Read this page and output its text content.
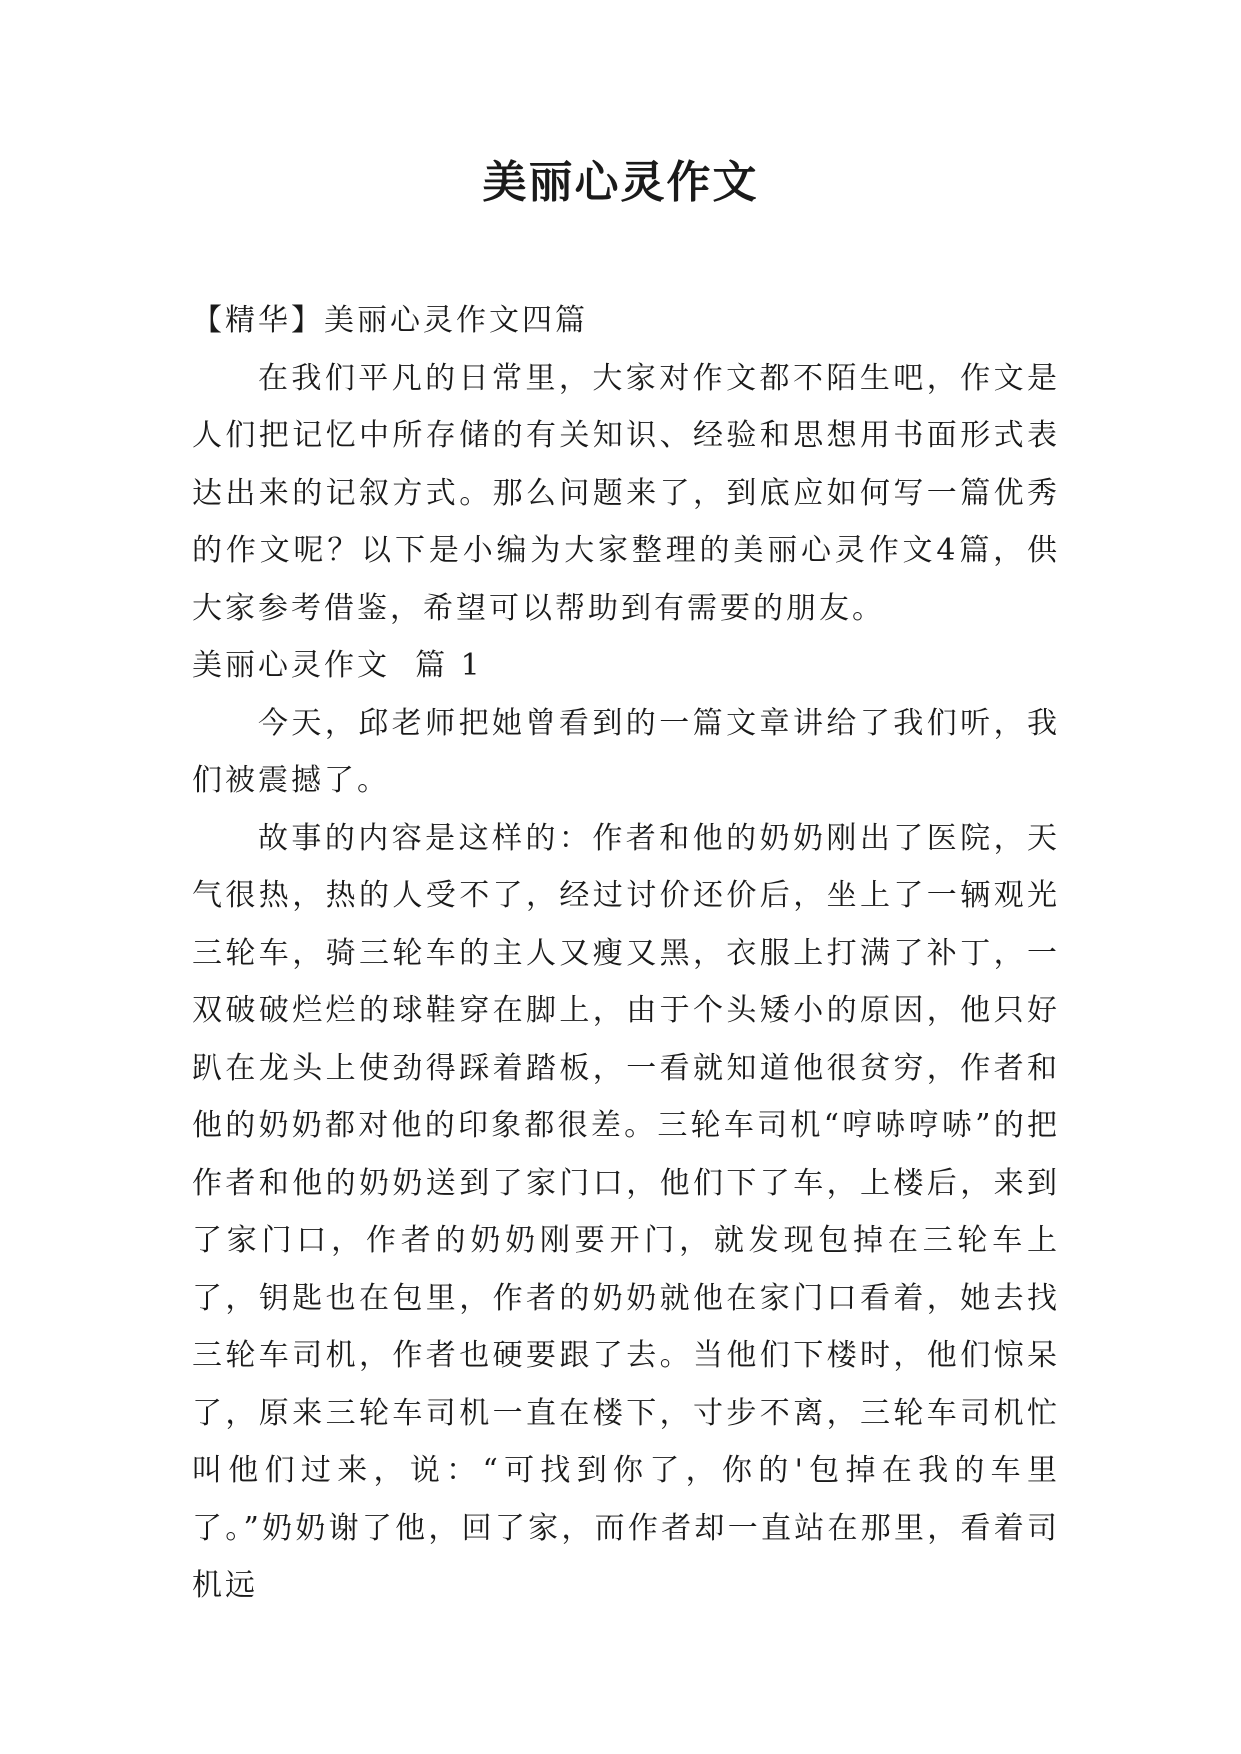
美丽心灵作文

【精华】美丽心灵作文四篇

在我们平凡的日常里，大家对作文都不陌生吧，作文是人们把记忆中所存储的有关知识、经验和思想用书面形式表达出来的记叙方式。那么问题来了，到底应如何写一篇优秀的作文呢？以下是小编为大家整理的美丽心灵作文4篇，供大家参考借鉴，希望可以帮助到有需要的朋友。

美丽心灵作文  篇 1

今天，邱老师把她曾看到的一篇文章讲给了我们听，我们被震撼了。

故事的内容是这样的：作者和他的奶奶刚出了医院，天气很热，热的人受不了，经过讨价还价后，坐上了一辆观光三轮车，骑三轮车的主人又瘦又黑，衣服上打满了补丁，一双破破烂烂的球鞋穿在脚上，由于个头矮小的原因，他只好趴在龙头上使劲得踩着踏板，一看就知道他很贫穷，作者和他的奶奶都对他的印象都很差。三轮车司机“哼哧哼哧”的把作者和他的奶奶送到了家门口，他们下了车，上楼后，来到了家门口，作者的奶奶刚要开门，就发现包掉在三轮车上了，钥匙也在包里，作者的奶奶就他在家门口看着，她去找三轮车司机，作者也硬要跟了去。当他们下楼时，他们惊呆了，原来三轮车司机一直在楼下，寸步不离，三轮车司机忙叫他们过来，说：“可找到你了，你的'包掉在我的车里了。”奶奶谢了他，回了家，而作者却一直站在那里，看着司机远
